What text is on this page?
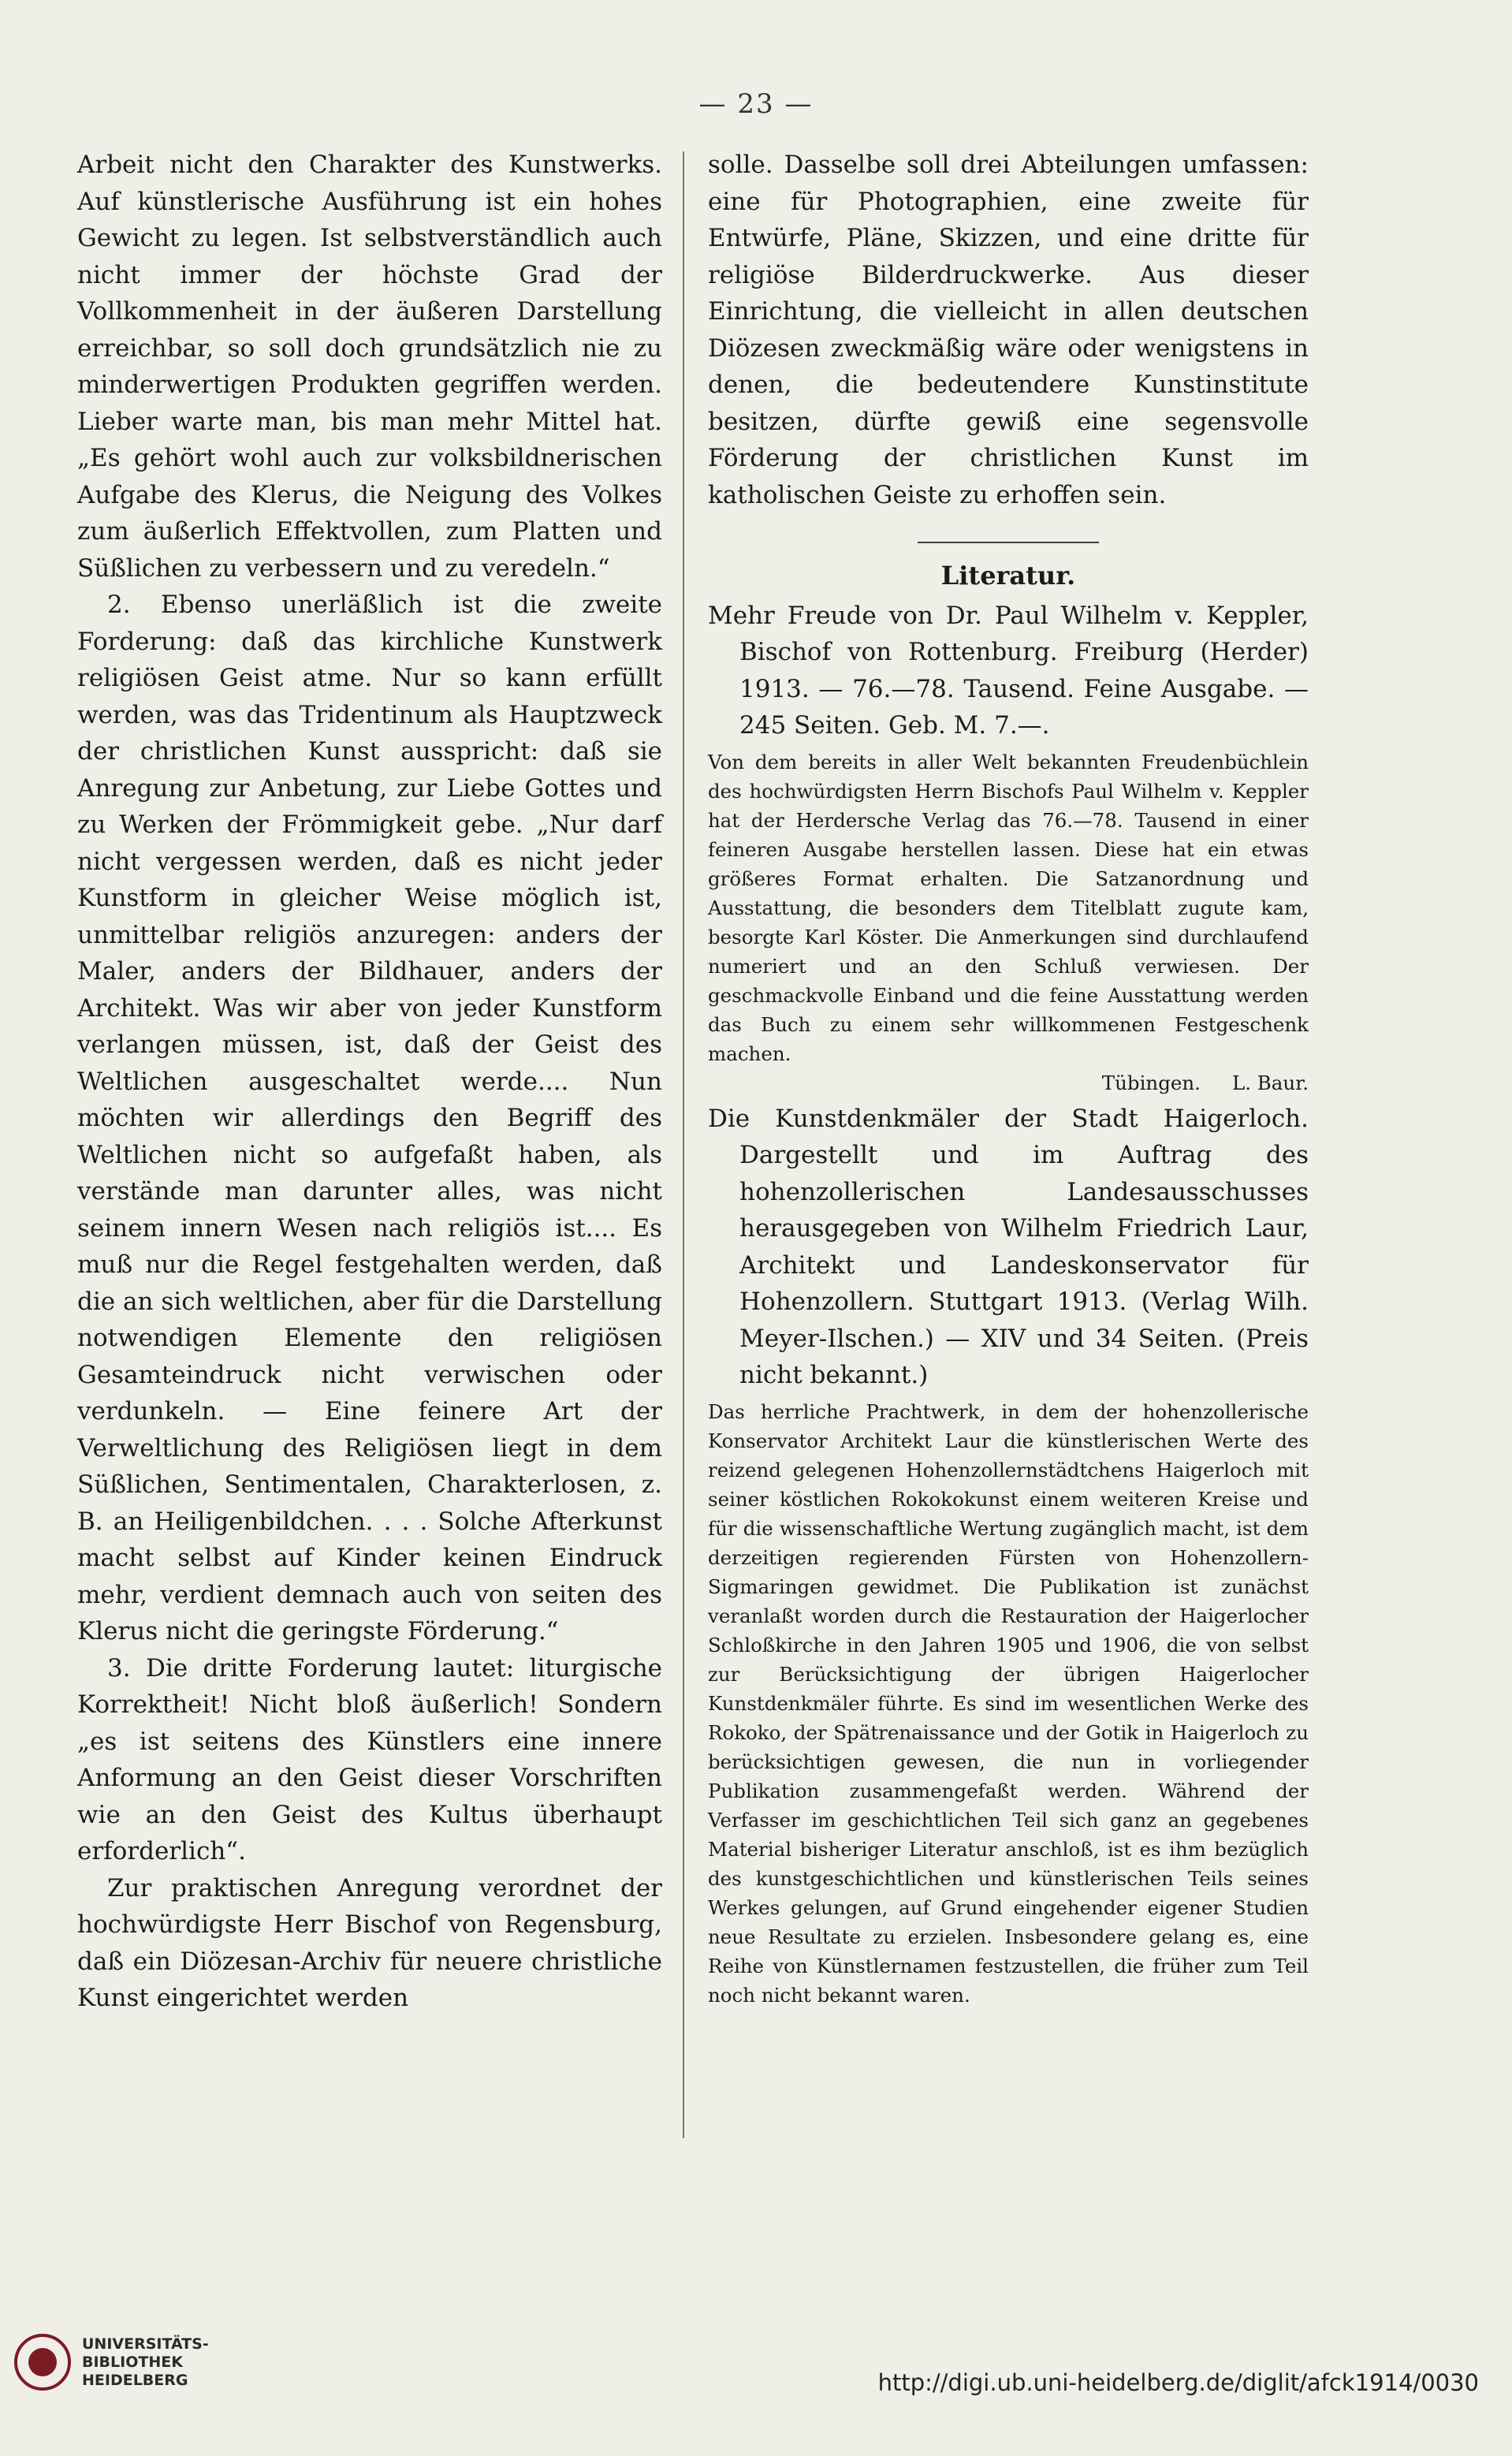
— 23 —

Arbeit nicht den Charakter des Kunstwerks. Auf künstlerische Ausführung ist ein hohes Gewicht zu legen. Ist selbstverständlich auch nicht immer der höchste Grad der Vollkommenheit in der äußeren Darstellung erreichbar, so soll doch grundsätzlich nie zu minderwertigen Produkten gegriffen werden. Lieber warte man, bis man mehr Mittel hat. „Es gehört wohl auch zur volksbildnerischen Aufgabe des Klerus, die Neigung des Volkes zum äußerlich Effektvollen, zum Platten und Süßlichen zu verbessern und zu veredeln.“

2. Ebenso unerläßlich ist die zweite Forderung: daß das kirchliche Kunstwerk religiösen Geist atme. Nur so kann erfüllt werden, was das Tridentinum als Hauptzweck der christlichen Kunst ausspricht: daß sie Anregung zur Anbetung, zur Liebe Gottes und zu Werken der Frömmigkeit gebe. „Nur darf nicht vergessen werden, daß es nicht jeder Kunstform in gleicher Weise möglich ist, unmittelbar religiös anzuregen: anders der Maler, anders der Bildhauer, anders der Architekt. Was wir aber von jeder Kunstform verlangen müssen, ist, daß der Geist des Weltlichen ausgeschaltet werde.... Nun möchten wir allerdings den Begriff des Weltlichen nicht so aufgefaßt haben, als verstände man darunter alles, was nicht seinem innern Wesen nach religiös ist.... Es muß nur die Regel festgehalten werden, daß die an sich weltlichen, aber für die Darstellung notwendigen Elemente den religiösen Gesamteindruck nicht verwischen oder verdunkeln. — Eine feinere Art der Verweltlichung des Religiösen liegt in dem Süßlichen, Sentimentalen, Charakterlosen, z. B. an Heiligenbildchen. . . . Solche Afterkunst macht selbst auf Kinder keinen Eindruck mehr, verdient demnach auch von seiten des Klerus nicht die geringste Förderung.“

3. Die dritte Forderung lautet: liturgische Korrektheit! Nicht bloß äußerlich! Sondern „es ist seitens des Künstlers eine innere Anformung an den Geist dieser Vorschriften wie an den Geist des Kultus überhaupt erforderlich“.

Zur praktischen Anregung verordnet der hochwürdigste Herr Bischof von Regensburg, daß ein Diözesan-Archiv für neuere christliche Kunst eingerichtet werden

solle. Dasselbe soll drei Abteilungen umfassen: eine für Photographien, eine zweite für Entwürfe, Pläne, Skizzen, und eine dritte für religiöse Bilderdruckwerke. Aus dieser Einrichtung, die vielleicht in allen deutschen Diözesen zweckmäßig wäre oder wenigstens in denen, die bedeutendere Kunstinstitute besitzen, dürfte gewiß eine segensvolle Förderung der christlichen Kunst im katholischen Geiste zu erhoffen sein.

Literatur.

Mehr Freude von Dr. Paul Wilhelm v. Keppler, Bischof von Rottenburg. Freiburg (Herder) 1913. — 76.—78. Tausend. Feine Ausgabe. — 245 Seiten. Geb. M. 7.—.

Von dem bereits in aller Welt bekannten Freudenbüchlein des hochwürdigsten Herrn Bischofs Paul Wilhelm v. Keppler hat der Herdersche Verlag das 76.—78. Tausend in einer feineren Ausgabe herstellen lassen. Diese hat ein etwas größeres Format erhalten. Die Satzanordnung und Ausstattung, die besonders dem Titelblatt zugute kam, besorgte Karl Köster. Die Anmerkungen sind durchlaufend numeriert und an den Schluß verwiesen. Der geschmackvolle Einband und die feine Ausstattung werden das Buch zu einem sehr willkommenen Festgeschenk machen.

Tübingen. L. Baur.

Die Kunstdenkmäler der Stadt Haigerloch. Dargestellt und im Auftrag des hohenzollerischen Landesausschusses herausgegeben von Wilhelm Friedrich Laur, Architekt und Landeskonservator für Hohenzollern. Stuttgart 1913. (Verlag Wilh. Meyer-Ilschen.) — XIV und 34 Seiten. (Preis nicht bekannt.)

Das herrliche Prachtwerk, in dem der hohenzollerische Konservator Architekt Laur die künstlerischen Werte des reizend gelegenen Hohenzollernstädtchens Haigerloch mit seiner köstlichen Rokokokunst einem weiteren Kreise und für die wissenschaftliche Wertung zugänglich macht, ist dem derzeitigen regierenden Fürsten von Hohenzollern-Sigmaringen gewidmet. Die Publikation ist zunächst veranlaßt worden durch die Restauration der Haigerlocher Schloßkirche in den Jahren 1905 und 1906, die von selbst zur Berücksichtigung der übrigen Haigerlocher Kunstdenkmäler führte. Es sind im wesentlichen Werke des Rokoko, der Spätrenaissance und der Gotik in Haigerloch zu berücksichtigen gewesen, die nun in vorliegender Publikation zusammengefaßt werden. Während der Verfasser im geschichtlichen Teil sich ganz an gegebenes Material bisheriger Literatur anschloß, ist es ihm bezüglich des kunstgeschichtlichen und künstlerischen Teils seines Werkes gelungen, auf Grund eingehender eigener Studien neue Resultate zu erzielen. Insbesondere gelang es, eine Reihe von Künstlernamen festzustellen, die früher zum Teil noch nicht bekannt waren.

UNIVERSITÄTS-
BIBLIOTHEK
HEIDELBERG	http://digi.ub.uni-heidelberg.de/diglit/afck1914/0030
